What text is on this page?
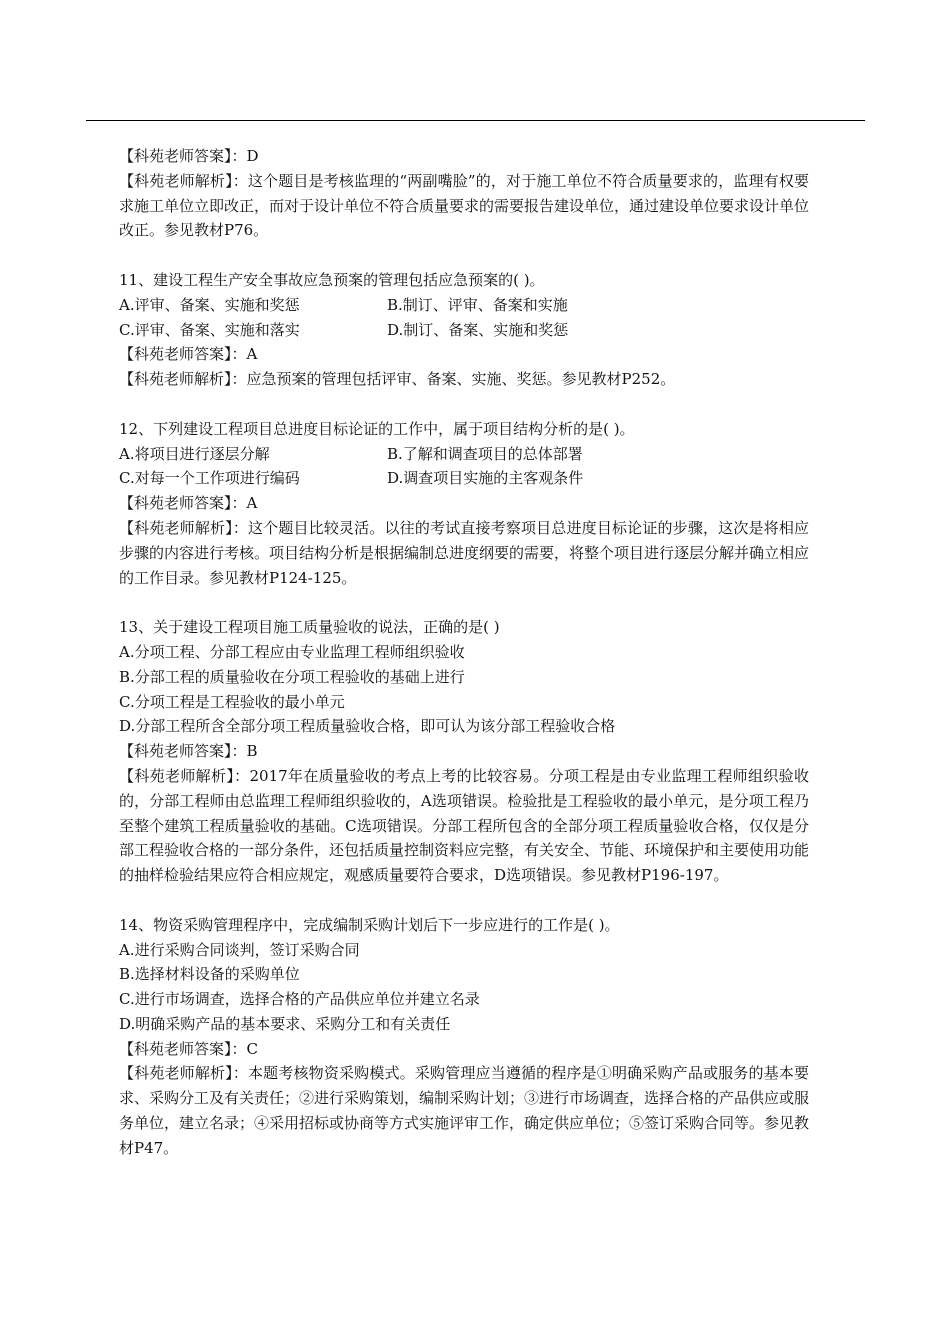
【科苑老师答案】：D
【科苑老师解析】：这个题目是考核监理的“两副嘴脸”的，对于施工单位不符合质量要求的，监理有权要求施工单位立即改正，而对于设计单位不符合质量要求的需要报告建设单位，通过建设单位要求设计单位改正。参见教材P76。
11、建设工程生产安全事故应急预案的管理包括应急预案的( )。
A.评审、备案、实施和奖惩	B.制订、评审、备案和实施
C.评审、备案、实施和落实	D.制订、备案、实施和奖惩
【科苑老师答案】：A
【科苑老师解析】：应急预案的管理包括评审、备案、实施、奖惩。参见教材P252。
12、下列建设工程项目总进度目标论证的工作中，属于项目结构分析的是( )。
A.将项目进行逐层分解	B.了解和调查项目的总体部署
C.对每一个工作项进行编码	D.调查项目实施的主客观条件
【科苑老师答案】：A
【科苑老师解析】：这个题目比较灵活。以往的考试直接考察项目总进度目标论证的步骤，这次是将相应步骤的内容进行考核。项目结构分析是根据编制总进度纲要的需要，将整个项目进行逐层分解并确立相应的工作目录。参见教材P124-125。
13、关于建设工程项目施工质量验收的说法，正确的是( )
A.分项工程、分部工程应由专业监理工程师组织验收
B.分部工程的质量验收在分项工程验收的基础上进行
C.分项工程是工程验收的最小单元
D.分部工程所含全部分项工程质量验收合格，即可认为该分部工程验收合格
【科苑老师答案】：B
【科苑老师解析】：2017年在质量验收的考点上考的比较容易。分项工程是由专业监理工程师组织验收的，分部工程师由总监理工程师组织验收的，A选项错误。检验批是工程验收的最小单元，是分项工程乃至整个建筑工程质量验收的基础。C选项错误。分部工程所包含的全部分项工程质量验收合格，仅仅是分部工程验收合格的一部分条件，还包括质量控制资料应完整，有关安全、节能、环境保护和主要使用功能的抽样检验结果应符合相应规定，观感质量要符合要求，D选项错误。参见教材P196-197。
14、物资采购管理程序中，完成编制采购计划后下一步应进行的工作是( )。
A.进行采购合同谈判，签订采购合同
B.选择材料设备的采购单位
C.进行市场调查，选择合格的产品供应单位并建立名录
D.明确采购产品的基本要求、采购分工和有关责任
【科苑老师答案】：C
【科苑老师解析】：本题考核物资采购模式。采购管理应当遵循的程序是①明确采购产品或服务的基本要求、采购分工及有关责任；②进行采购策划，编制采购计划；③进行市场调查，选择合格的产品供应或服务单位，建立名录；④采用招标或协商等方式实施评审工作，确定供应单位；⑤签订采购合同等。参见教材P47。
